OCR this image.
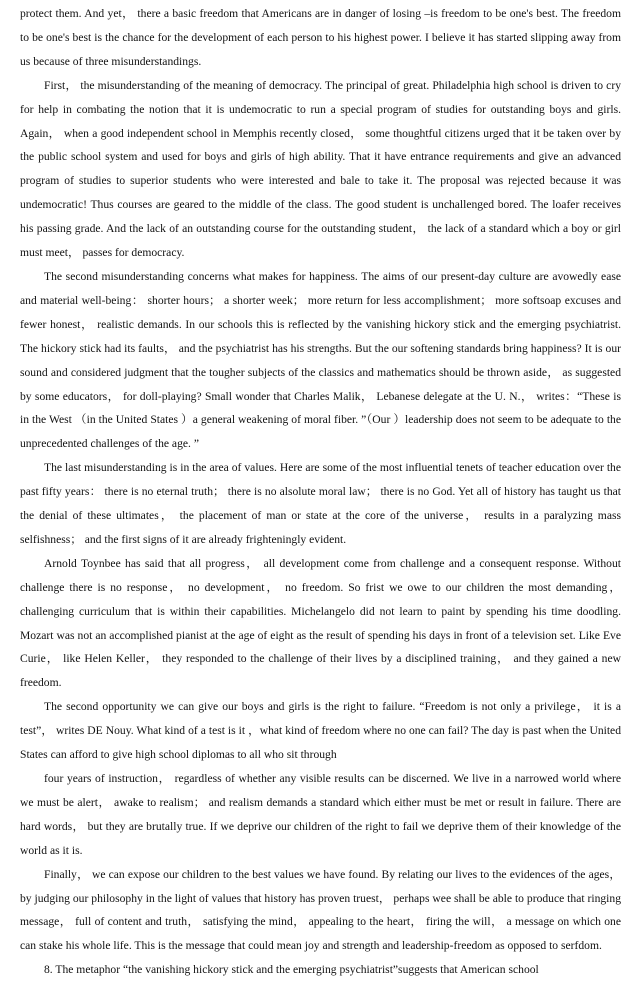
protect them. And yet， there a basic freedom that Americans are in danger of losing –is freedom to be one's best. The freedom to be one's best is the chance for the development of each person to his highest power. I believe it has started slipping away from us because of three misunderstandings.

First， the misunderstanding of the meaning of democracy. The principal of great. Philadelphia high school is driven to cry for help in combating the notion that it is undemocratic to run a special program of studies for outstanding boys and girls. Again， when a good independent school in Memphis recently closed， some thoughtful citizens urged that it be taken over by the public school system and used for boys and girls of high ability. That it have entrance requirements and give an advanced program of studies to superior students who were interested and bale to take it. The proposal was rejected because it was undemocratic! Thus courses are geared to the middle of the class. The good student is unchallenged bored. The loafer receives his passing grade. And the lack of an outstanding course for the outstanding student， the lack of a standard which a boy or girl must meet， passes for democracy.

The second misunderstanding concerns what makes for happiness. The aims of our present-day culture are avowedly ease and material well-being： shorter hours； a shorter week； more return for less accomplishment； more softsoap excuses and fewer honest， realistic demands. In our schools this is reflected by the vanishing hickory stick and the emerging psychiatrist. The hickory stick had its faults， and the psychiatrist has his strengths. But the our softening standards bring happiness? It is our sound and considered judgment that the tougher subjects of the classics and mathematics should be thrown aside， as suggested by some educators， for doll-playing? Small wonder that Charles Malik， Lebanese delegate at the U. N.， writes：“These is in the West （in the United States ）a general weakening of moral fiber. ”（Our ）leadership does not seem to be adequate to the unprecedented challenges of the age. ”

The last misunderstanding is in the area of values. Here are some of the most influential tenets of teacher education over the past fifty years： there is no eternal truth； there is no alsolute moral law； there is no God. Yet all of history has taught us that the denial of these ultimates， the placement of man or state at the core of the universe， results in a paralyzing mass selfishness； and the first signs of it are already frighteningly evident.

Arnold Toynbee has said that all progress， all development come from challenge and a consequent response. Without challenge there is no response， no development， no freedom. So frist we owe to our children the most demanding，challenging curriculum that is within their capabilities. Michelangelo did not learn to paint by spending his time doodling. Mozart was not an accomplished pianist at the age of eight as the result of spending his days in front of a television set. Like Eve Curie， like Helen Keller， they responded to the challenge of their lives by a disciplined training， and they gained a new freedom.

The second opportunity we can give our boys and girls is the right to failure. “Freedom is not only a privilege， it is a test”， writes DE Nouy. What kind of a test is it ，what kind of freedom where no one can fail? The day is past when the United States can afford to give high school diplomas to all who sit through

four years of instruction， regardless of whether any visible results can be discerned. We live in a narrowed world where we must be alert， awake to realism； and realism demands a standard which either must be met or result in failure. There are hard words， but they are brutally true. If we deprive our children of the right to fail we deprive them of their knowledge of the world as it is.

Finally， we can expose our children to the best values we have found. By relating our lives to the evidences of the ages， by judging our philosophy in the light of values that history has proven truest， perhaps wee shall be able to produce that ringing message， full of content and truth， satisfying the mind， appealing to the heart， firing the will， a message on which one can stake his whole life. This is the message that could mean joy and strength and leadership-freedom as opposed to serfdom.

8. The metaphor “the vanishing hickory stick and the emerging psychiatrist”suggests that American school
